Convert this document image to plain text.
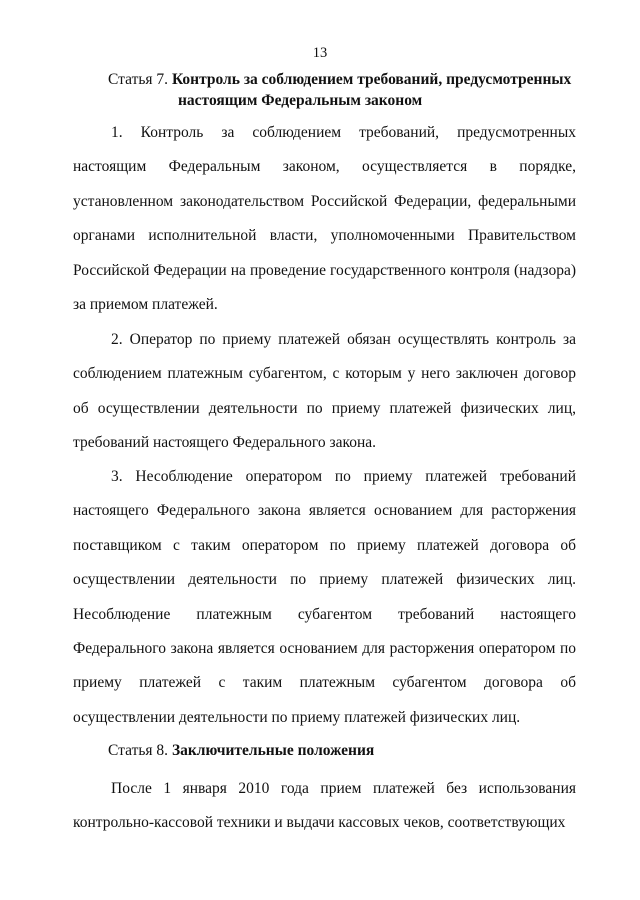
13
Статья 7. Контроль за соблюдением требований, предусмотренных
настоящим Федеральным законом

1. Контроль за соблюдением требований, предусмотренных настоящим Федеральным законом, осуществляется в порядке, установленном законодательством Российской Федерации, федеральными органами исполнительной власти, уполномоченными Правительством Российской Федерации на проведение государственного контроля (надзора) за приемом платежей.

2. Оператор по приему платежей обязан осуществлять контроль за соблюдением платежным субагентом, с которым у него заключен договор об осуществлении деятельности по приему платежей физических лиц, требований настоящего Федерального закона.

3. Несоблюдение оператором по приему платежей требований настоящего Федерального закона является основанием для расторжения поставщиком с таким оператором по приему платежей договора об осуществлении деятельности по приему платежей физических лиц. Несоблюдение платежным субагентом требований настоящего Федерального закона является основанием для расторжения оператором по приему платежей с таким платежным субагентом договора об осуществлении деятельности по приему платежей физических лиц.

Статья 8. Заключительные положения

После 1 января 2010 года прием платежей без использования контрольно-кассовой техники и выдачи кассовых чеков, соответствующих
